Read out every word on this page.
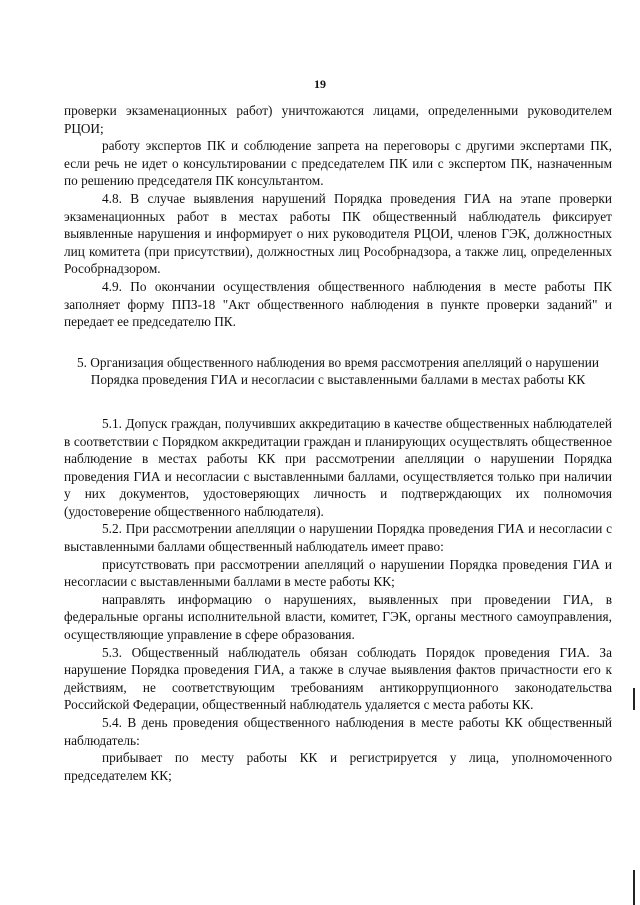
19

проверки экзаменационных работ) уничтожаются лицами, определенными руководителем РЦОИ;

работу экспертов ПК и соблюдение запрета на переговоры с другими экспертами ПК, если речь не идет о консультировании с председателем ПК или с экспертом ПК, назначенным по решению председателя ПК консультантом.

4.8. В случае выявления нарушений Порядка проведения ГИА на этапе проверки экзаменационных работ в местах работы ПК общественный наблюдатель фиксирует выявленные нарушения и информирует о них руководителя РЦОИ, членов ГЭК, должностных лиц комитета (при присутствии), должностных лиц Рособрнадзора, а также лиц, определенных Рособрнадзором.

4.9. По окончании осуществления общественного наблюдения в месте работы ПК заполняет форму ППЗ-18 "Акт общественного наблюдения в пункте проверки заданий" и передает ее председателю ПК.

5. Организация общественного наблюдения во время рассмотрения апелляций о нарушении Порядка проведения ГИА и несогласии с выставленными баллами в местах работы КК

5.1. Допуск граждан, получивших аккредитацию в качестве общественных наблюдателей в соответствии с Порядком аккредитации граждан и планирующих осуществлять общественное наблюдение в местах работы КК при рассмотрении апелляции о нарушении Порядка проведения ГИА и несогласии с выставленными баллами, осуществляется только при наличии у них документов, удостоверяющих личность и подтверждающих их полномочия (удостоверение общественного наблюдателя).

5.2. При рассмотрении апелляции о нарушении Порядка проведения ГИА и несогласии с выставленными баллами общественный наблюдатель имеет право:

присутствовать при рассмотрении апелляций о нарушении Порядка проведения ГИА и несогласии с выставленными баллами в месте работы КК;

направлять информацию о нарушениях, выявленных при проведении ГИА, в федеральные органы исполнительной власти, комитет, ГЭК, органы местного самоуправления, осуществляющие управление в сфере образования.

5.3. Общественный наблюдатель обязан соблюдать Порядок проведения ГИА. За нарушение Порядка проведения ГИА, а также в случае выявления фактов причастности его к действиям, не соответствующим требованиям антикоррупционного законодательства Российской Федерации, общественный наблюдатель удаляется с места работы КК.

5.4. В день проведения общественного наблюдения в месте работы КК общественный наблюдатель:

прибывает по месту работы КК и регистрируется у лица, уполномоченного председателем КК;
